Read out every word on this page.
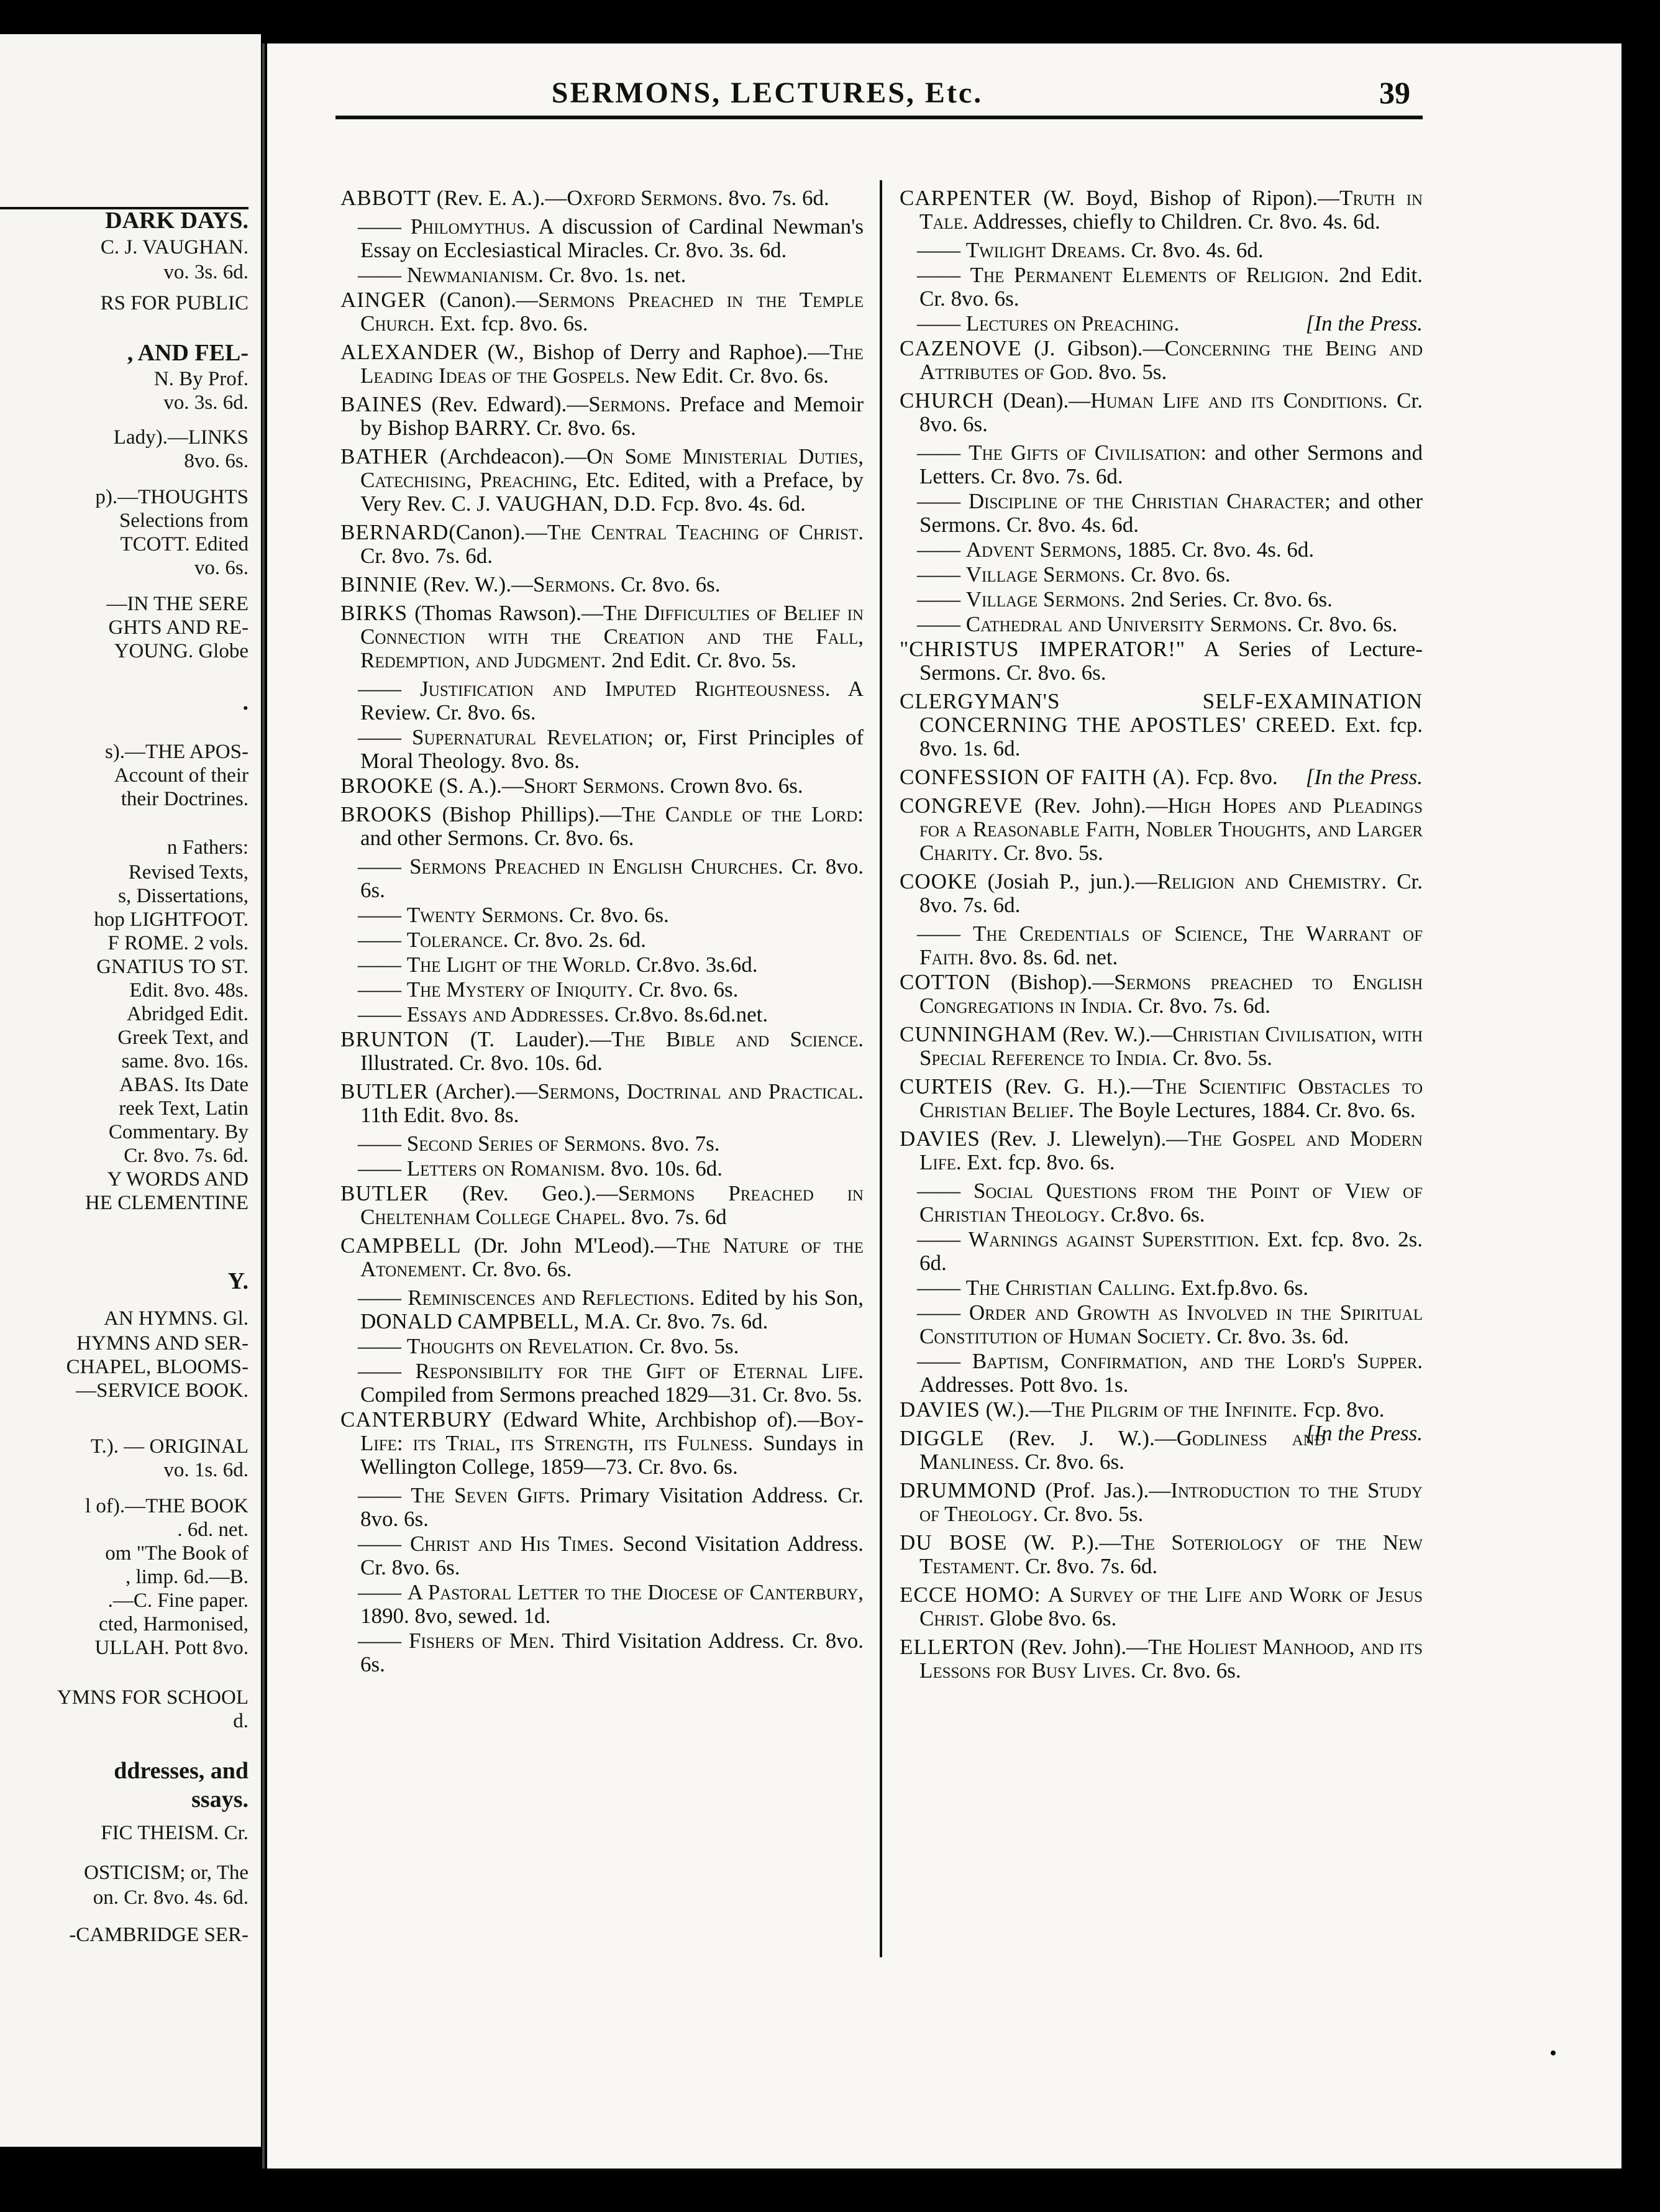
DARK DAYS.
C. J. VAUGHAN.
vo. 3s. 6d.
RS FOR PUBLIC
, AND FEL-
N. By Prof.
vo. 3s. 6d.
Lady).—LINKS
8vo. 6s.
p).—THOUGHTS
Selections from
TCOTT. Edited
vo. 6s.
—IN THE SERE
GHTS AND RE-
YOUNG. Globe
.
s).—THE APOS-
Account of their
their Doctrines.
n Fathers:
Revised Texts,
s, Dissertations,
hop LIGHTFOOT.
F ROME. 2 vols.
GNATIUS TO ST.
Edit. 8vo. 48s.
Abridged Edit.
Greek Text, and
same. 8vo. 16s.
ABAS. Its Date
reek Text, Latin
Commentary. By
Cr. 8vo. 7s. 6d.
Y WORDS AND
HE CLEMENTINE
Y.
AN HYMNS. Gl.
HYMNS AND SER-
CHAPEL, BLOOMS-
—SERVICE BOOK.
T.). — ORIGINAL
vo. 1s. 6d.
l of).—THE BOOK
. 6d. net.
om "The Book of
, limp. 6d.—B.
.—C. Fine paper.
cted, Harmonised,
ULLAH. Pott 8vo.
YMNS FOR SCHOOL
d.
ddresses, and
ssays.
FIC THEISM. Cr.
OSTICISM; or, The
on. Cr. 8vo. 4s. 6d.
-CAMBRIDGE SER-
SERMONS, LECTURES, Etc.	39
ABBOTT (Rev. E. A.).—Oxford Sermons. 8vo. 7s. 6d.
—— Philomythus. A discussion of Cardinal Newman's Essay on Ecclesiastical Miracles. Cr. 8vo. 3s. 6d.
—— Newmanianism. Cr. 8vo. 1s. net.
AINGER (Canon).—Sermons Preached in the Temple Church. Ext. fcp. 8vo. 6s.
ALEXANDER (W., Bishop of Derry and Raphoe).—The Leading Ideas of the Gospels. New Edit. Cr. 8vo. 6s.
BAINES (Rev. Edward).—Sermons. Preface and Memoir by Bishop BARRY. Cr. 8vo. 6s.
BATHER (Archdeacon).—On Some Ministerial Duties, Catechising, Preaching, Etc. Edited, with a Preface, by Very Rev. C. J. VAUGHAN, D.D. Fcp. 8vo. 4s. 6d.
BERNARD(Canon).—The Central Teaching of Christ. Cr. 8vo. 7s. 6d.
BINNIE (Rev. W.).—Sermons. Cr. 8vo. 6s.
BIRKS (Thomas Rawson).—The Difficulties of Belief in Connection with the Creation and the Fall, Redemption, and Judgment. 2nd Edit. Cr. 8vo. 5s.
—— Justification and Imputed Righteousness. A Review. Cr. 8vo. 6s.
—— Supernatural Revelation; or, First Principles of Moral Theology. 8vo. 8s.
BROOKE (S. A.).—Short Sermons. Crown 8vo. 6s.
BROOKS (Bishop Phillips).—The Candle of the Lord: and other Sermons. Cr. 8vo. 6s.
—— Sermons Preached in English Churches. Cr. 8vo. 6s.
—— Twenty Sermons. Cr. 8vo. 6s.
—— Tolerance. Cr. 8vo. 2s. 6d.
—— The Light of the World. Cr.8vo. 3s.6d.
—— The Mystery of Iniquity. Cr. 8vo. 6s.
—— Essays and Addresses. Cr.8vo. 8s.6d.net.
BRUNTON (T. Lauder).—The Bible and Science. Illustrated. Cr. 8vo. 10s. 6d.
BUTLER (Archer).—Sermons, Doctrinal and Practical. 11th Edit. 8vo. 8s.
—— Second Series of Sermons. 8vo. 7s.
—— Letters on Romanism. 8vo. 10s. 6d.
BUTLER (Rev. Geo.).—Sermons Preached in Cheltenham College Chapel. 8vo. 7s. 6d
CAMPBELL (Dr. John M'Leod).—The Nature of the Atonement. Cr. 8vo. 6s.
—— Reminiscences and Reflections. Edited by his Son, DONALD CAMPBELL, M.A. Cr. 8vo. 7s. 6d.
—— Thoughts on Revelation. Cr. 8vo. 5s.
—— Responsibility for the Gift of Eternal Life. Compiled from Sermons preached 1829—31. Cr. 8vo. 5s.
CANTERBURY (Edward White, Archbishop of).—Boy-Life: its Trial, its Strength, its Fulness. Sundays in Wellington College, 1859—73. Cr. 8vo. 6s.
—— The Seven Gifts. Primary Visitation Address. Cr. 8vo. 6s.
—— Christ and His Times. Second Visitation Address. Cr. 8vo. 6s.
—— A Pastoral Letter to the Diocese of Canterbury, 1890. 8vo, sewed. 1d.
—— Fishers of Men. Third Visitation Address. Cr. 8vo. 6s.
CARPENTER (W. Boyd, Bishop of Ripon).—Truth in Tale. Addresses, chiefly to Children. Cr. 8vo. 4s. 6d.
—— Twilight Dreams. Cr. 8vo. 4s. 6d.
—— The Permanent Elements of Religion. 2nd Edit. Cr. 8vo. 6s.
—— Lectures on Preaching.	[In the Press.
CAZENOVE (J. Gibson).—Concerning the Being and Attributes of God. 8vo. 5s.
CHURCH (Dean).—Human Life and its Conditions. Cr. 8vo. 6s.
—— The Gifts of Civilisation: and other Sermons and Letters. Cr. 8vo. 7s. 6d.
—— Discipline of the Christian Character; and other Sermons. Cr. 8vo. 4s. 6d.
—— Advent Sermons, 1885. Cr. 8vo. 4s. 6d.
—— Village Sermons. Cr. 8vo. 6s.
—— Village Sermons. 2nd Series. Cr. 8vo. 6s.
—— Cathedral and University Sermons. Cr. 8vo. 6s.
"CHRISTUS IMPERATOR!" A Series of Lecture-Sermons. Cr. 8vo. 6s.
CLERGYMAN'S SELF-EXAMINATION CONCERNING THE APOSTLES' CREED. Ext. fcp. 8vo. 1s. 6d.
CONFESSION OF FAITH (A). Fcp. 8vo. [In the Press.
CONGREVE (Rev. John).—High Hopes and Pleadings for a Reasonable Faith, Nobler Thoughts, and Larger Charity. Cr. 8vo. 5s.
COOKE (Josiah P., jun.).—Religion and Chemistry. Cr. 8vo. 7s. 6d.
—— The Credentials of Science, The Warrant of Faith. 8vo. 8s. 6d. net.
COTTON (Bishop).—Sermons preached to English Congregations in India. Cr. 8vo. 7s. 6d.
CUNNINGHAM (Rev. W.).—Christian Civilisation, with Special Reference to India. Cr. 8vo. 5s.
CURTEIS (Rev. G. H.).—The Scientific Obstacles to Christian Belief. The Boyle Lectures, 1884. Cr. 8vo. 6s.
DAVIES (Rev. J. Llewelyn).—The Gospel and Modern Life. Ext. fcp. 8vo. 6s.
—— Social Questions from the Point of View of Christian Theology. Cr.8vo. 6s.
—— Warnings against Superstition. Ext. fcp. 8vo. 2s. 6d.
—— The Christian Calling. Ext.fp.8vo. 6s.
—— Order and Growth as Involved in the Spiritual Constitution of Human Society. Cr. 8vo. 3s. 6d.
—— Baptism, Confirmation, and the Lord's Supper. Addresses. Pott 8vo. 1s.
DAVIES (W.).—The Pilgrim of the Infinite. Fcp. 8vo.
[In the Press.
DIGGLE (Rev. J. W.).—Godliness and Manliness. Cr. 8vo. 6s.
DRUMMOND (Prof. Jas.).—Introduction to the Study of Theology. Cr. 8vo. 5s.
DU BOSE (W. P.).—The Soteriology of the New Testament. Cr. 8vo. 7s. 6d.
ECCE HOMO: A Survey of the Life and Work of Jesus Christ. Globe 8vo. 6s.
ELLERTON (Rev. John).—The Holiest Manhood, and its Lessons for Busy Lives. Cr. 8vo. 6s.
